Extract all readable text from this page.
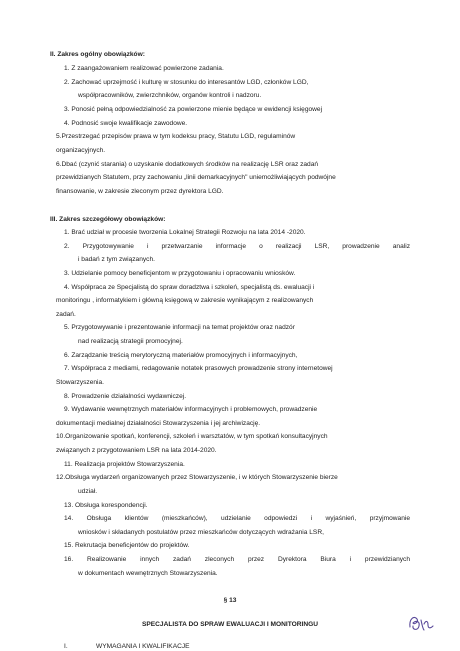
II. Zakres ogólny obowiązków:
1. Z zaangażowaniem realizować powierzone zadania.
2. Zachować uprzejmość i kulturę w stosunku do interesantów LGD, członków LGD,
współpracowników, zwierzchników, organów kontroli i nadzoru.
3. Ponosić pełną odpowiedzialność za powierzone mienie będące w ewidencji księgowej
4. Podnosić swoje kwalifikacje zawodowe.
5.Przestrzegać przepisów prawa w tym kodeksu pracy, Statutu LGD, regulaminów
organizacyjnych.
6.Dbać (czynić starania) o uzyskanie dodatkowych środków na realizację LSR oraz zadań
przewidzianych Statutem, przy zachowaniu „linii demarkacyjnych" uniemożliwiających podwójne
finansowanie, w zakresie zleconym przez dyrektora LGD.
III. Zakres szczegółowy obowiązków:
1. Brać udział w procesie tworzenia Lokalnej Strategii Rozwoju na lata 2014 -2020.
2. Przygotowywanie i przetwarzanie informacje o realizacji LSR, prowadzenie analiz
i badań z tym związanych.
3. Udzielanie pomocy beneficjentom w przygotowaniu i opracowaniu wniosków.
4. Współpraca ze Specjalistą do spraw doradztwa i szkoleń, specjalistą ds. ewaluacji i
monitoringu , informatykiem i główną księgową w zakresie wynikającym z realizowanych
zadań.
5. Przygotowywanie i prezentowanie informacji na temat projektów oraz nadzór
nad realizacją strategii promocyjnej.
6. Zarządzanie treścią merytoryczną materiałów promocyjnych i informacyjnych,
7. Współpraca z mediami, redagowanie notatek prasowych prowadzenie strony internetowej
Stowarzyszenia.
8. Prowadzenie działalności wydawniczej.
9. Wydawanie wewnętrznych materiałów informacyjnych i problemowych, prowadzenie
dokumentacji medialnej działalności Stowarzyszenia i jej archiwizację.
10.Organizowanie spotkań, konferencji, szkoleń i warsztatów, w tym spotkań konsultacyjnych
związanych z przygotowaniem LSR na lata 2014-2020.
11. Realizacja projektów Stowarzyszenia.
12.Obsługa wydarzeń organizowanych przez Stowarzyszenie, i w których Stowarzyszenie bierze
udział.
13. Obsługa korespondencji.
14. Obsługa klientów (mieszkańców), udzielanie odpowiedzi i wyjaśnień, przyjmowanie
wniosków i składanych postulatów przez mieszkańców dotyczących wdrażania LSR,
15. Rekrutacja beneficjentów do projektów.
16. Realizowanie innych zadań zleconych przez Dyrektora Biura i przewidzianych
w dokumentach wewnętrznych Stowarzyszenia.
§ 13
SPECJALISTA DO SPRAW EWALUACJI I MONITORINGU
I.	WYMAGANIA I KWALIFIKACJE
